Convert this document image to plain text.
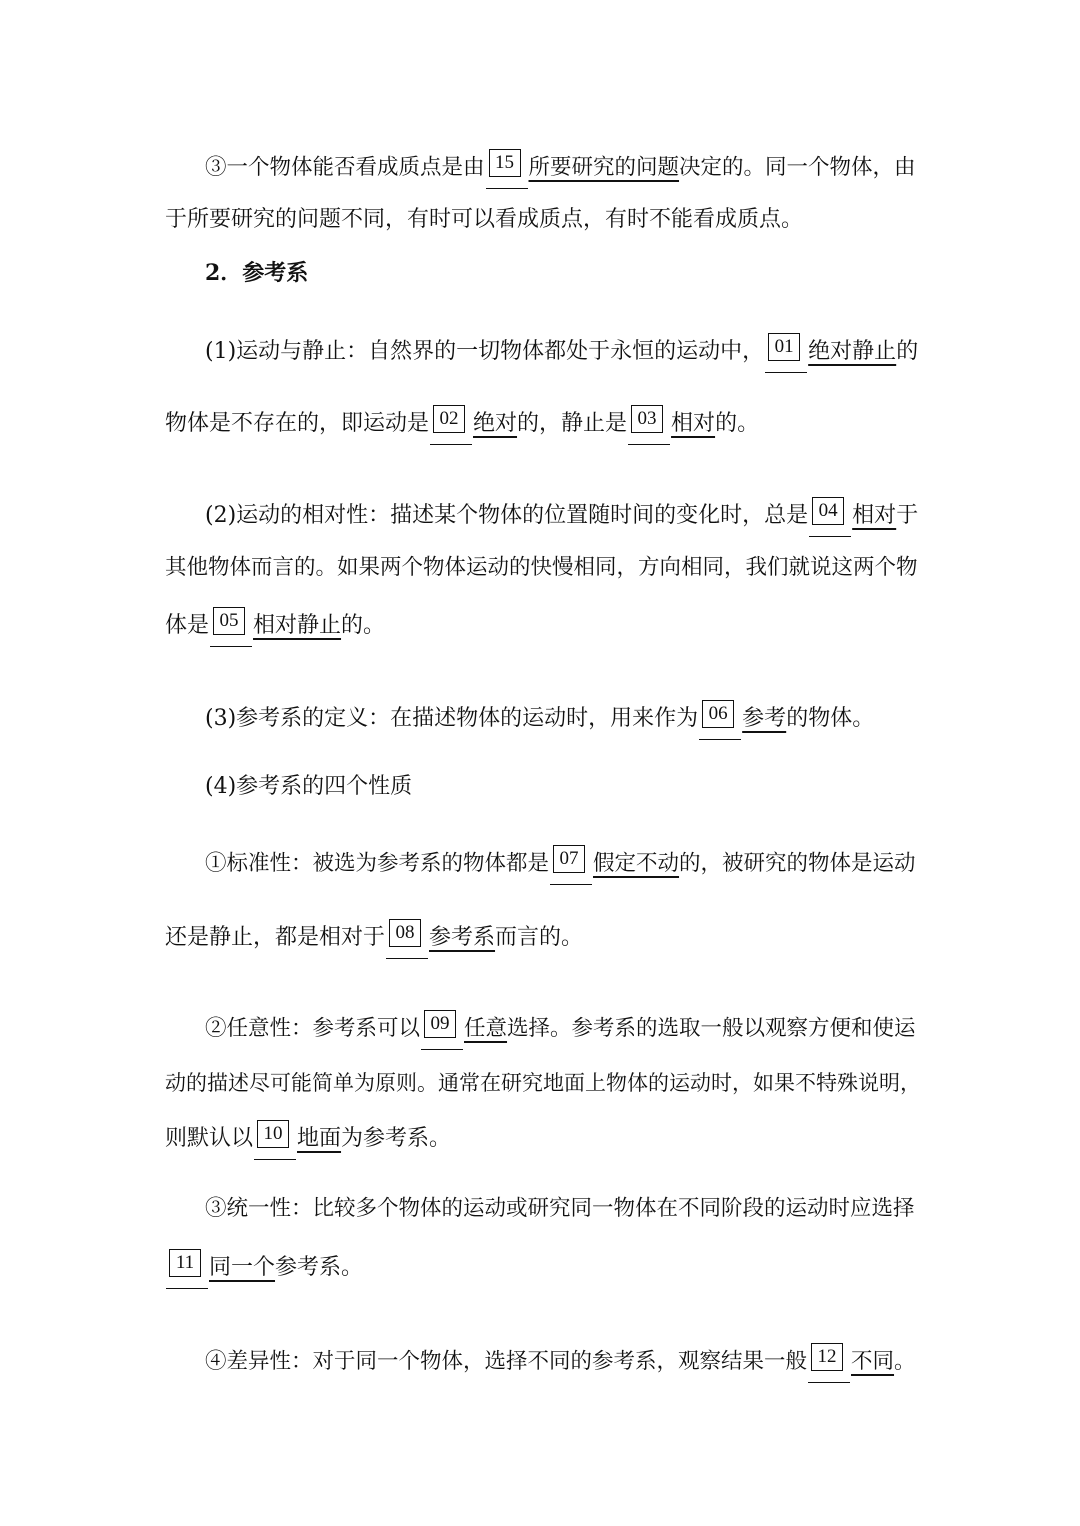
③一个物体能否看成质点是由 15 所要研究的问题决定的。同一个物体，由
于所要研究的问题不同，有时可以看成质点，有时不能看成质点。
2．参考系
(1)运动与静止：自然界的一切物体都处于永恒的运动中， 01 绝对静止的
物体是不存在的，即运动是 02 绝对的，静止是 03 相对的。
(2)运动的相对性：描述某个物体的位置随时间的变化时，总是 04 相对于
其他物体而言的。如果两个物体运动的快慢相同，方向相同，我们就说这两个物
体是 05 相对静止的。
(3)参考系的定义：在描述物体的运动时，用来作为 06 参考的物体。
(4)参考系的四个性质
①标准性：被选为参考系的物体都是 07 假定不动的，被研究的物体是运动
还是静止，都是相对于 08 参考系而言的。
②任意性：参考系可以 09 任意选择。参考系的选取一般以观察方便和使运
动的描述尽可能简单为原则。通常在研究地面上物体的运动时，如果不特殊说明，
则默认以 10 地面为参考系。
③统一性：比较多个物体的运动或研究同一物体在不同阶段的运动时应选择
11 同一个参考系。
④差异性：对于同一个物体，选择不同的参考系，观察结果一般 12 不同。
